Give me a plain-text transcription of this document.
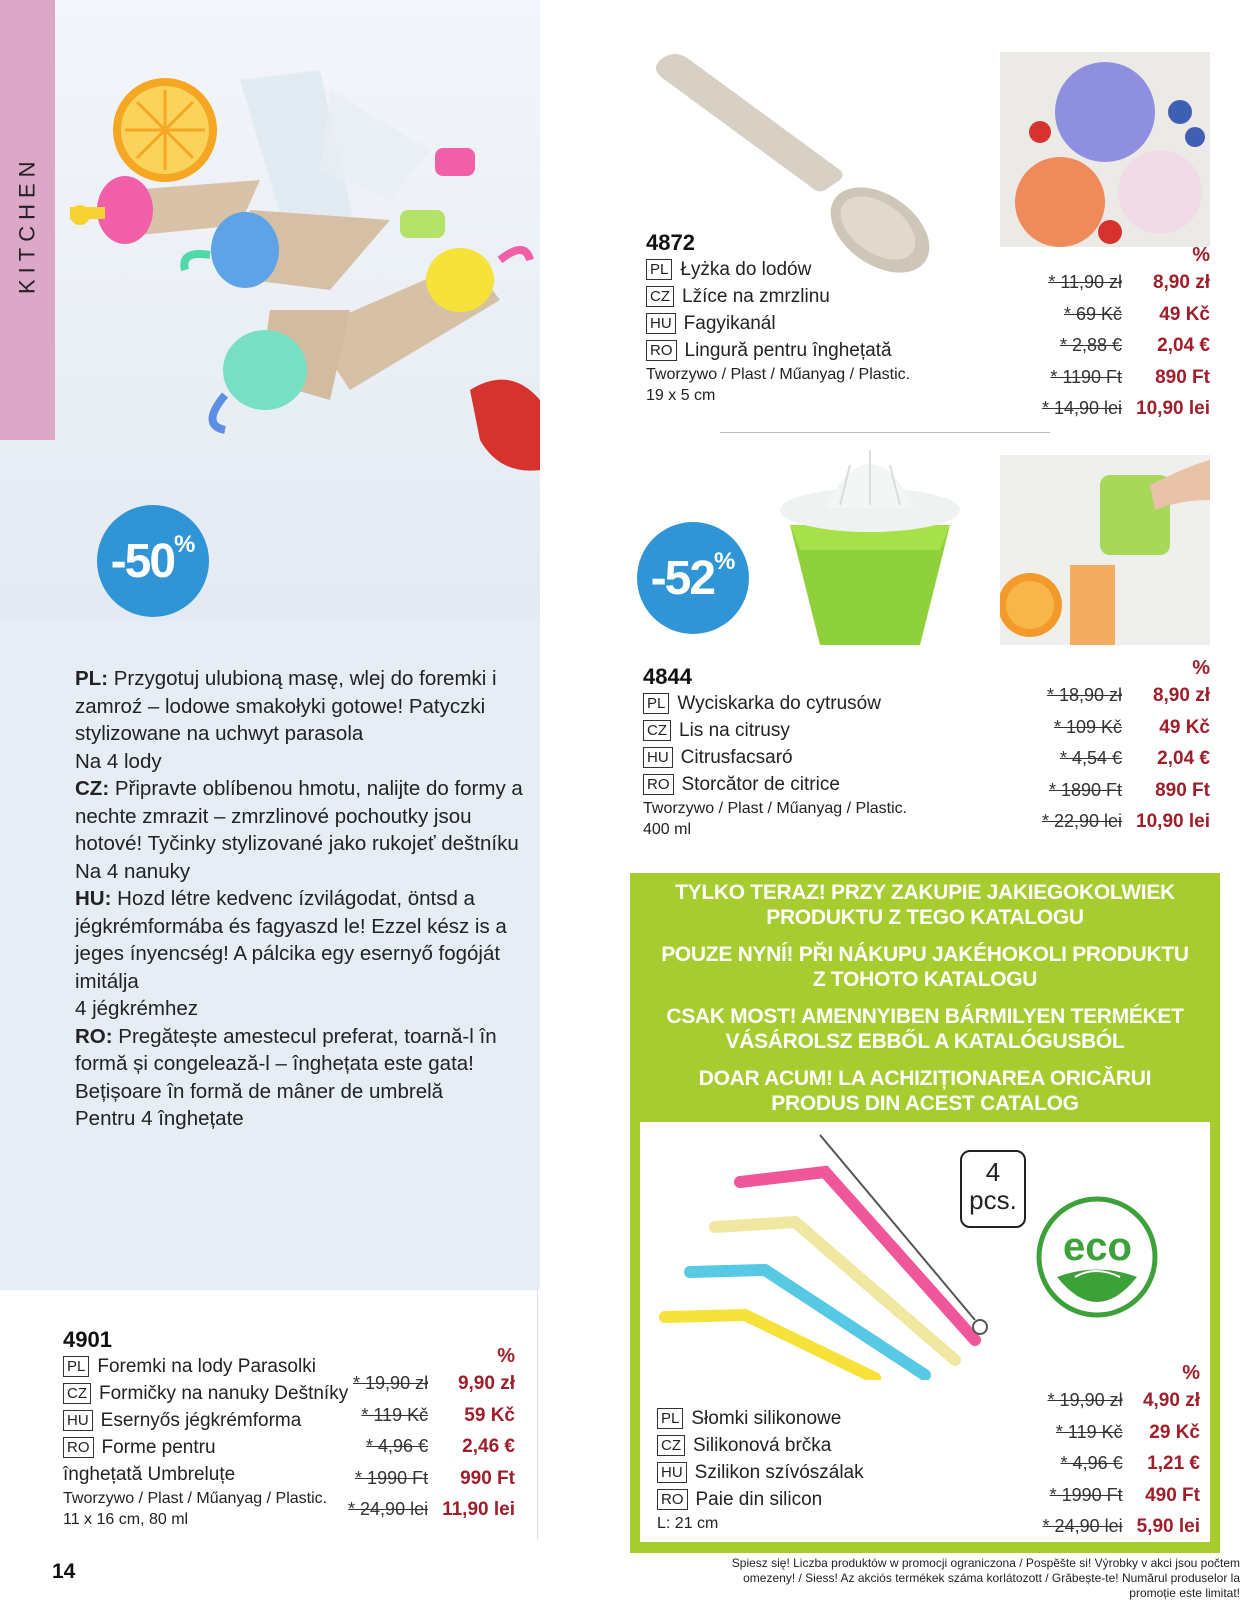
KITCHEN
-50 %

PL: Przygotuj ulubioną masę, wlej do foremki i zamroź – lodowe smakołyki gotowe! Patyczki stylizowane na uchwyt parasola

Na 4 lody

CZ: Připravte oblíbenou hmotu, nalijte do formy a nechte zmrazit – zmrzlinové pochoutky jsou hotové! Tyčinky stylizované jako rukojeť deštníku

Na 4 nanuky

HU: Hozd létre kedvenc ízvilágodat, öntsd a jégkrémformába és fagyaszd le! Ezzel kész is a jeges ínyencség! A pálcika egy esernyő fogóját imitálja

4 jégkrémhez

RO: Pregătește amestecul preferat, toarnă-l în formă și congelează-l – înghețata este gata! Bețișoare în formă de mâner de umbrelă

Pentru 4 înghețate

4901
PL Foremki na lody Parasolki
CZ Formičky na nanuky Deštníky
HU Esernyős jégkrémforma
RO Forme pentru
înghețată Umbreluțe
Tworzywo / Plast / Műanyag / Plastic.
11 x 16 cm, 80 ml
%
* 19,90 zł	9,90 zł
* 119 Kč	59 Kč
* 4,96 €	2,46 €
* 1990 Ft	990 Ft
* 24,90 lei 11,90 lei
14
4872
PL Łyżka do lodów
CZ Lžíce na zmrzlinu
HU Fagyikanál
RO Lingură pentru înghețată
Tworzywo / Plast / Műanyag / Plastic.
19 x 5 cm
%
* 11,90 zł	8,90 zł
* 69 Kč	49 Kč
* 2,88 €	2,04 €
* 1190 Ft	890 Ft
* 14,90 lei 10,90 lei
-52 %
4844
PL Wyciskarka do cytrusów
CZ Lis na citrusy
HU Citrusfacsaró
RO Storcător de citrice
Tworzywo / Plast / Műanyag / Plastic.
400 ml
%
* 18,90 zł	8,90 zł
* 109 Kč	49 Kč
* 4,54 €	2,04 €
* 1890 Ft	890 Ft
* 22,90 lei 10,90 lei
TYLKO TERAZ! PRZY ZAKUPIE JAKIEGOKOLWIEK
PRODUKTU Z TEGO KATALOGU
POUZE NYNÍ! PŘI NÁKUPU JAKÉHOKOLI PRODUKTU
Z TOHOTO KATALOGU
CSAK MOST! AMENNYIBEN BÁRMILYEN TERMÉKET
VÁSÁROLSZ EBBŐL A KATALÓGUSBÓL
DOAR ACUM! LA ACHIZIȚIONAREA ORICĂRUI
PRODUS DIN ACEST CATALOG
4
pcs.
eco
PL Słomki silikonowe
CZ Silikonová brčka
HU Szilikon szívószálak
RO Paie din silicon
L: 21 cm
%
* 19,90 zł	4,90 zł
* 119 Kč	29 Kč
* 4,96 €	1,21 €
* 1990 Ft	490 Ft
* 24,90 lei 5,90 lei
Spiesz się! Liczba produktów w promocji ograniczona / Pospěšte si! Výrobky v akci jsou počtem omezeny! / Siess! Az akciós termékek száma korlátozott / Grăbește-te! Numărul produselor la promoție este limitat!
